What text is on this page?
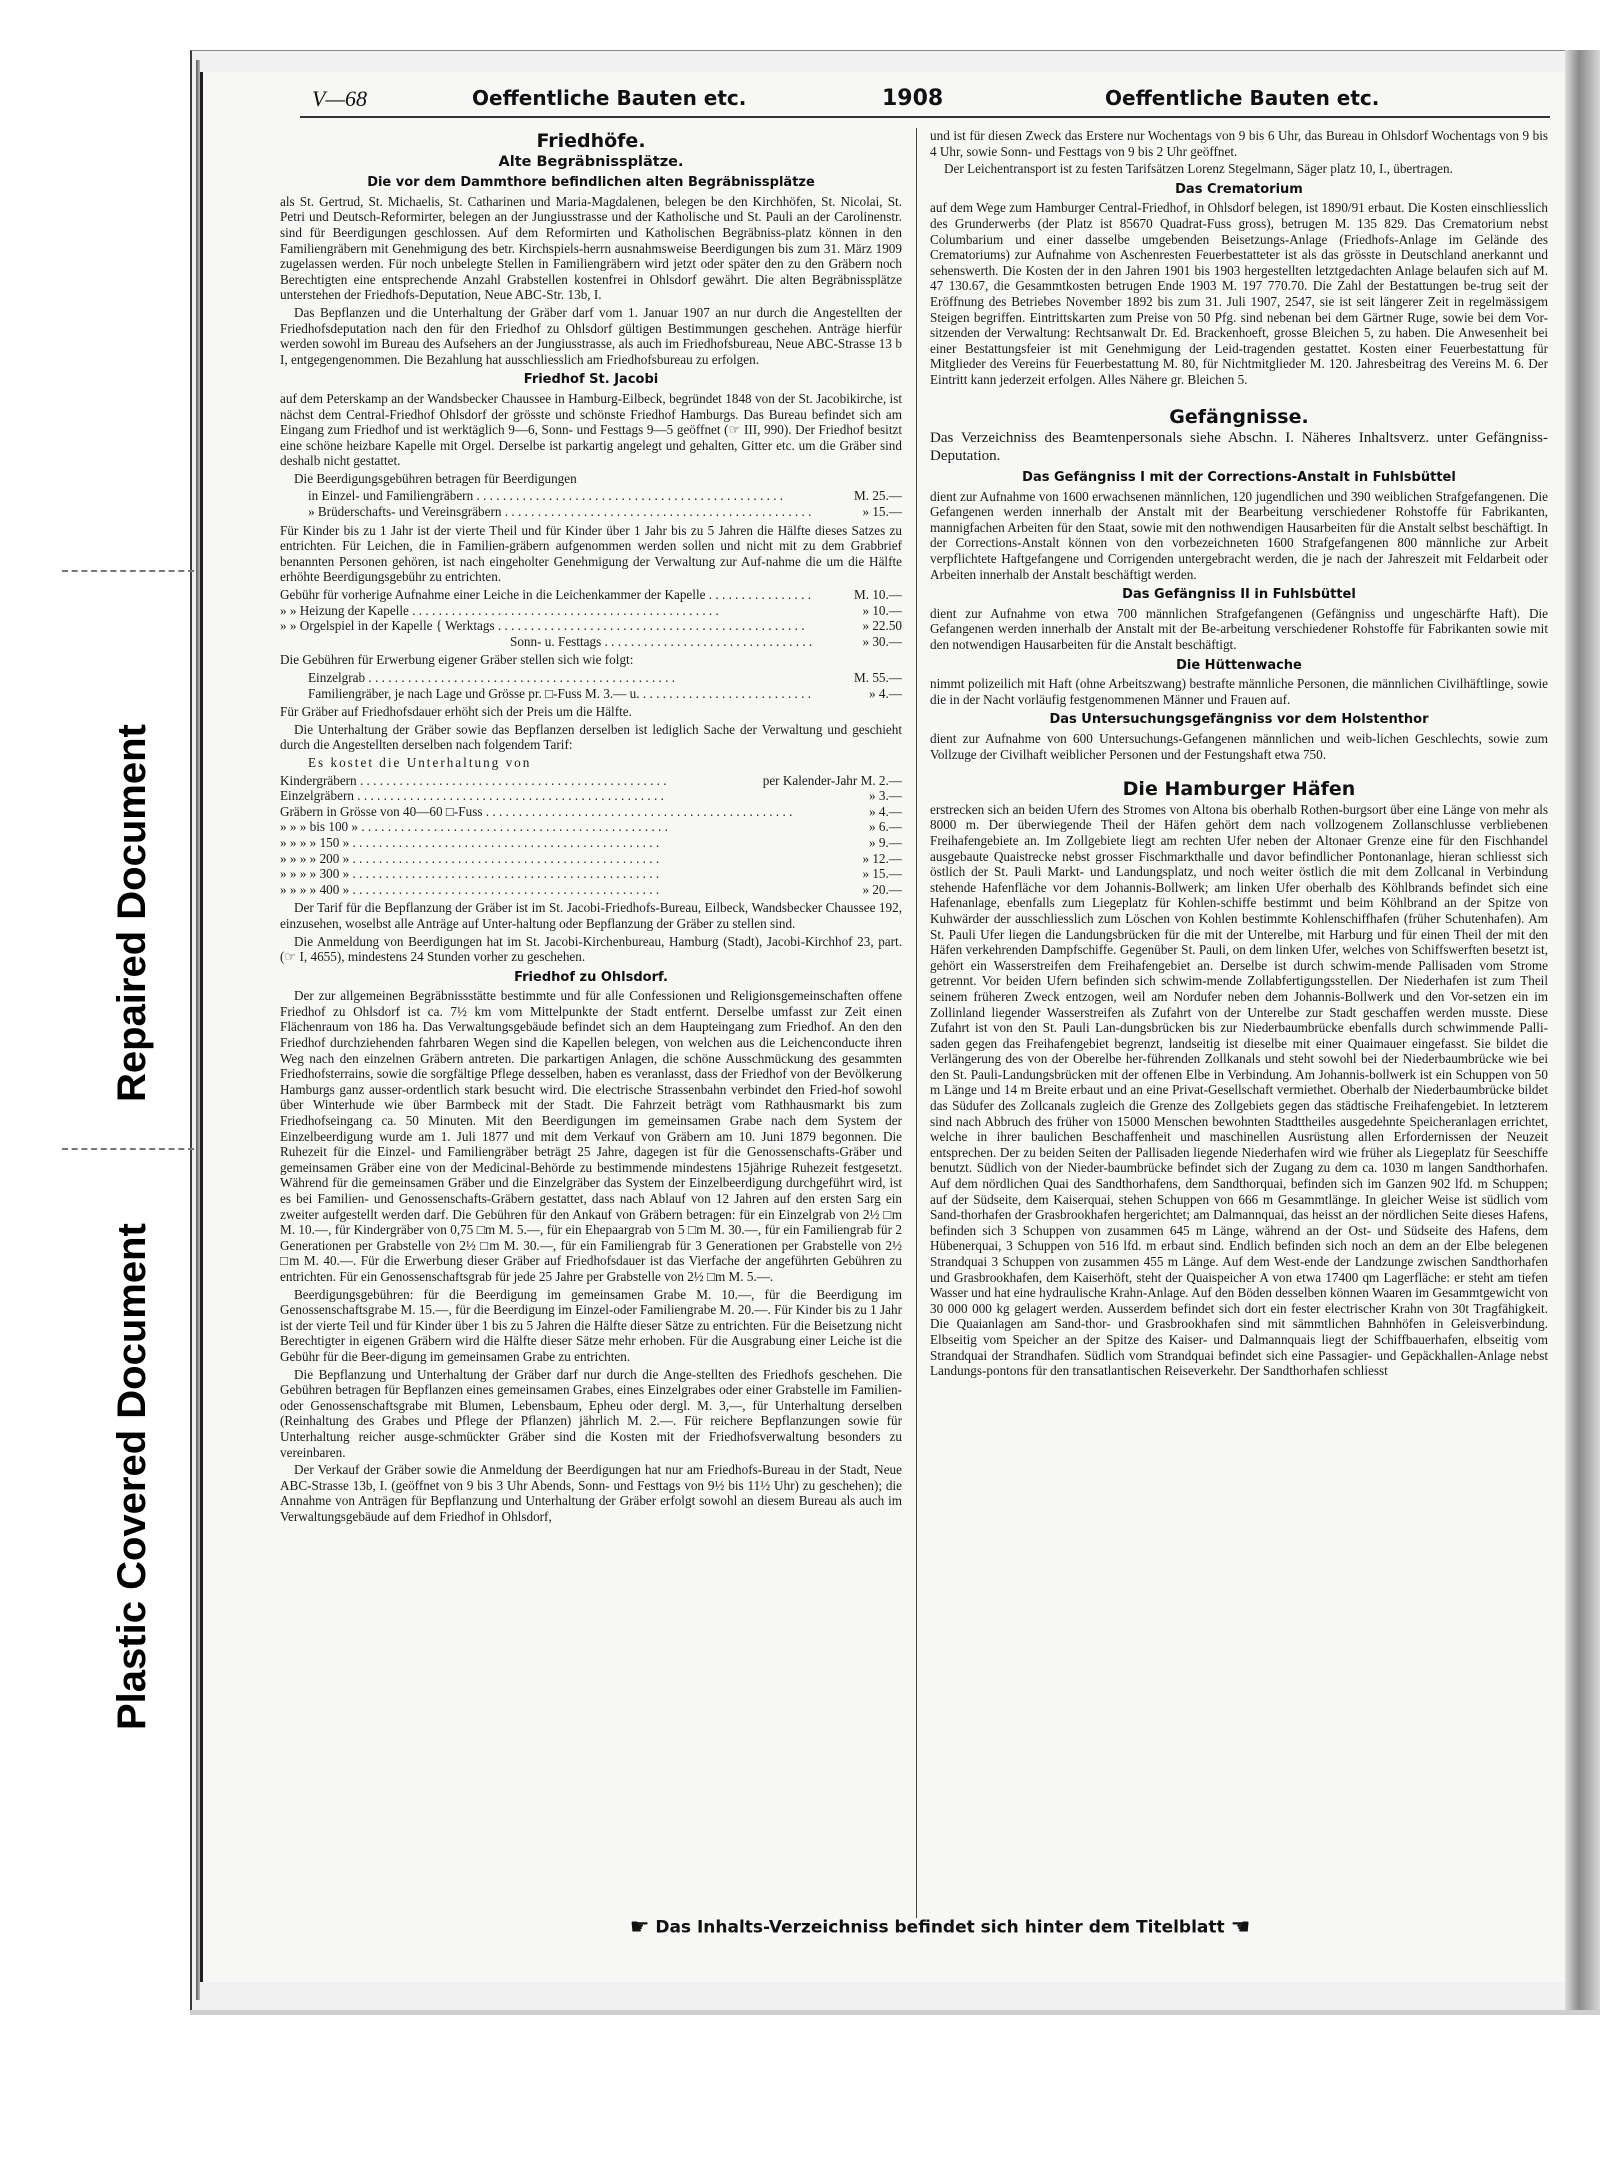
Repaired Document
Plastic Covered Document
V—68	Oeffentliche Bauten etc.	1908	Oeffentliche Bauten etc.
Friedhöfe.
Alte Begräbnissplätze.
Die vor dem Dammthore befindlichen alten Begräbnissplätze

als St. Gertrud, St. Michaelis, St. Catharinen und Maria-Magdalenen, belegen be den Kirchhöfen, St. Nicolai, St. Petri und Deutsch-Reformirter, belegen an der Jungiusstrasse und der Katholische und St. Pauli an der Carolinenstr. sind für Beerdigungen geschlossen. Auf dem Reformirten und Katholischen Begräbniss-platz können in den Familiengräbern mit Genehmigung des betr. Kirchspiels-herrn ausnahmsweise Beerdigungen bis zum 31. März 1909 zugelassen werden. Für noch unbelegte Stellen in Familiengräbern wird jetzt oder später den zu den Gräbern noch Berechtigten eine entsprechende Anzahl Grabstellen kostenfrei in Ohlsdorf gewährt. Die alten Begräbnissplätze unterstehen der Friedhofs-Deputation, Neue ABC-Str. 13b, I.

Das Bepflanzen und die Unterhaltung der Gräber darf vom 1. Januar 1907 an nur durch die Angestellten der Friedhofsdeputation nach den für den Friedhof zu Ohlsdorf gültigen Bestimmungen geschehen. Anträge hierfür werden sowohl im Bureau des Aufsehers an der Jungiusstrasse, als auch im Friedhofsbureau, Neue ABC-Strasse 13 b I, entgegengenommen. Die Bezahlung hat ausschliesslich am Friedhofsbureau zu erfolgen.

Friedhof St. Jacobi

auf dem Peterskamp an der Wandsbecker Chaussee in Hamburg-Eilbeck, begründet 1848 von der St. Jacobikirche, ist nächst dem Central-Friedhof Ohlsdorf der grösste und schönste Friedhof Hamburgs. Das Bureau befindet sich am Eingang zum Friedhof und ist werktäglich 9—6, Sonn- und Festtags 9—5 geöffnet (☞ III, 990). Der Friedhof besitzt eine schöne heizbare Kapelle mit Orgel. Derselbe ist parkartig angelegt und gehalten, Gitter etc. um die Gräber sind deshalb nicht gestattet.

Die Beerdigungsgebühren betragen für Beerdigungen

in Einzel- und Familiengräbern . . .	M. 25.—
» Brüderschafts- und Vereinsgräbern . . .	» 15.—

Für Kinder bis zu 1 Jahr ist der vierte Theil und für Kinder über 1 Jahr bis zu 5 Jahren die Hälfte dieses Satzes zu entrichten. Für Leichen, die in Familien-gräbern aufgenommen werden sollen und nicht mit zu dem Grabbrief benannten Personen gehören, ist nach eingeholter Genehmigung der Verwaltung zur Auf-nahme die um die Hälfte erhöhte Beerdigungsgebühr zu entrichten.

Gebühr für vorherige Aufnahme einer Leiche in die Leichenkammer der Kapelle . . .	M. 10.—
» » Heizung der Kapelle . . .	» 10.—
» » Orgelspiel in der Kapelle { Werktags . . .	» 22.50
Sonn- u. Festtags . . .	» 30.—

Die Gebühren für Erwerbung eigener Gräber stellen sich wie folgt:

Einzelgrab . . .	M. 55.—
Familiengräber, je nach Lage und Grösse pr. □-Fuss M. 3.— u. . . .	» 4.—

Für Gräber auf Friedhofsdauer erhöht sich der Preis um die Hälfte.

Die Unterhaltung der Gräber sowie das Bepflanzen derselben ist lediglich Sache der Verwaltung und geschieht durch die Angestellten derselben nach folgendem Tarif:

Es kostet die Unterhaltung von

Kindergräbern . . .	per Kalender-Jahr M. 2.—
Einzelgräbern . . .	» 3.—
Gräbern in Grösse von 40—60 □-Fuss . . .	» 4.—
» » » bis 100 » . . .	» 6.—
» » » » 150 » . . .	» 9.—
» » » » 200 » . . .	» 12.—
» » » » 300 » . . .	» 15.—
» » » » 400 » . . .	» 20.—

Der Tarif für die Bepflanzung der Gräber ist im St. Jacobi-Friedhofs-Bureau, Eilbeck, Wandsbecker Chaussee 192, einzusehen, woselbst alle Anträge auf Unter-haltung oder Bepflanzung der Gräber zu stellen sind.

Die Anmeldung von Beerdigungen hat im St. Jacobi-Kirchenbureau, Hamburg (Stadt), Jacobi-Kirchhof 23, part. (☞ I, 4655), mindestens 24 Stunden vorher zu geschehen.

Friedhof zu Ohlsdorf.

Der zur allgemeinen Begräbnissstätte bestimmte und für alle Confessionen und Religionsgemeinschaften offene Friedhof zu Ohlsdorf ist ca. 7½ km vom Mittelpunkte der Stadt entfernt. Derselbe umfasst zur Zeit einen Flächenraum von 186 ha. Das Verwaltungsgebäude befindet sich an dem Haupteingang zum Friedhof. An den den Friedhof durchziehenden fahrbaren Wegen sind die Kapellen belegen, von welchen aus die Leichenconducte ihren Weg nach den einzelnen Gräbern antreten. Die parkartigen Anlagen, die schöne Ausschmückung des gesammten Friedhofsterrains, sowie die sorgfältige Pflege desselben, haben es veranlasst, dass der Friedhof von der Bevölkerung Hamburgs ganz ausser-ordentlich stark besucht wird. Die electrische Strassenbahn verbindet den Fried-hof sowohl über Winterhude wie über Barmbeck mit der Stadt. Die Fahrzeit beträgt vom Rathhausmarkt bis zum Friedhofseingang ca. 50 Minuten. Mit den Beerdigungen im gemeinsamen Grabe nach dem System der Einzelbeerdigung wurde am 1. Juli 1877 und mit dem Verkauf von Gräbern am 10. Juni 1879 begonnen. Die Ruhezeit für die Einzel- und Familiengräber beträgt 25 Jahre, dagegen ist für die Genossenschafts-Gräber und gemeinsamen Gräber eine von der Medicinal-Behörde zu bestimmende mindestens 15jährige Ruhezeit festgesetzt. Während für die gemeinsamen Gräber und die Einzelgräber das System der Einzelbeerdigung durchgeführt wird, ist es bei Familien- und Genossenschafts-Gräbern gestattet, dass nach Ablauf von 12 Jahren auf den ersten Sarg ein zweiter aufgestellt werden darf. Die Gebühren für den Ankauf von Gräbern betragen: für ein Einzelgrab von 2½ □m M. 10.—, für Kindergräber von 0,75 □m M. 5.—, für ein Ehepaargrab von 5 □m M. 30.—, für ein Familiengrab für 2 Generationen per Grabstelle von 2½ □m M. 30.—, für ein Familiengrab für 3 Generationen per Grabstelle von 2½ □m M. 40.—. Für die Erwerbung dieser Gräber auf Friedhofsdauer ist das Vierfache der angeführten Gebühren zu entrichten. Für ein Genossenschaftsgrab für jede 25 Jahre per Grabstelle von 2½ □m M. 5.—.

Beerdigungsgebühren: für die Beerdigung im gemeinsamen Grabe M. 10.—, für die Beerdigung im Genossenschaftsgrabe M. 15.—, für die Beerdigung im Einzel-oder Familiengrabe M. 20.—. Für Kinder bis zu 1 Jahr ist der vierte Teil und für Kinder über 1 bis zu 5 Jahren die Hälfte dieser Sätze zu entrichten. Für die Beisetzung nicht Berechtigter in eigenen Gräbern wird die Hälfte dieser Sätze mehr erhoben. Für die Ausgrabung einer Leiche ist die Gebühr für die Beer-digung im gemeinsamen Grabe zu entrichten.

Die Bepflanzung und Unterhaltung der Gräber darf nur durch die Ange-stellten des Friedhofs geschehen. Die Gebühren betragen für Bepflanzen eines gemeinsamen Grabes, eines Einzelgrabes oder einer Grabstelle im Familien- oder Genossenschaftsgrabe mit Blumen, Lebensbaum, Epheu oder dergl. M. 3,—, für Unterhaltung derselben (Reinhaltung des Grabes und Pflege der Pflanzen) jährlich M. 2.—. Für reichere Bepflanzungen sowie für Unterhaltung reicher ausge-schmückter Gräber sind die Kosten mit der Friedhofsverwaltung besonders zu vereinbaren.

Der Verkauf der Gräber sowie die Anmeldung der Beerdigungen hat nur am Friedhofs-Bureau in der Stadt, Neue ABC-Strasse 13b, I. (geöffnet von 9 bis 3 Uhr Abends, Sonn- und Festtags von 9½ bis 11½ Uhr) zu geschehen); die Annahme von Anträgen für Bepflanzung und Unterhaltung der Gräber erfolgt sowohl an diesem Bureau als auch im Verwaltungsgebäude auf dem Friedhof in Ohlsdorf,

und ist für diesen Zweck das Erstere nur Wochentags von 9 bis 6 Uhr, das Bureau in Ohlsdorf Wochentags von 9 bis 4 Uhr, sowie Sonn- und Festtags von 9 bis 2 Uhr geöffnet.

Der Leichentransport ist zu festen Tarifsätzen Lorenz Stegelmann, Säger platz 10, I., übertragen.

Das Crematorium

auf dem Wege zum Hamburger Central-Friedhof, in Ohlsdorf belegen, ist 1890/91 erbaut. Die Kosten einschliesslich des Grunderwerbs (der Platz ist 85670 Quadrat-Fuss gross), betrugen M. 135 829. Das Crematorium nebst Columbarium und einer dasselbe umgebenden Beisetzungs-Anlage (Friedhofs-Anlage im Gelände des Crematoriums) zur Aufnahme von Aschenresten Feuerbestatteter ist als das grösste in Deutschland anerkannt und sehenswerth. Die Kosten der in den Jahren 1901 bis 1903 hergestellten letztgedachten Anlage belaufen sich auf M. 47 130.67, die Gesammtkosten betrugen Ende 1903 M. 197 770.70. Die Zahl der Bestattungen be-trug seit der Eröffnung des Betriebes November 1892 bis zum 31. Juli 1907, 2547, sie ist seit längerer Zeit in regelmässigem Steigen begriffen. Eintrittskarten zum Preise von 50 Pfg. sind nebenan bei dem Gärtner Ruge, sowie bei dem Vor-sitzenden der Verwaltung: Rechtsanwalt Dr. Ed. Brackenhoeft, grosse Bleichen 5, zu haben. Die Anwesenheit bei einer Bestattungsfeier ist mit Genehmigung der Leid-tragenden gestattet. Kosten einer Feuerbestattung für Mitglieder des Vereins für Feuerbestattung M. 80, für Nichtmitglieder M. 120. Jahresbeitrag des Vereins M. 6. Der Eintritt kann jederzeit erfolgen. Alles Nähere gr. Bleichen 5.

Gefängnisse.

Das Verzeichniss des Beamtenpersonals siehe Abschn. I. Näheres Inhaltsverz. unter Gefängniss-Deputation.

Das Gefängniss I mit der Corrections-Anstalt in Fuhlsbüttel

dient zur Aufnahme von 1600 erwachsenen männlichen, 120 jugendlichen und 390 weiblichen Strafgefangenen. Die Gefangenen werden innerhalb der Anstalt mit der Bearbeitung verschiedener Rohstoffe für Fabrikanten, mannigfachen Arbeiten für den Staat, sowie mit den nothwendigen Hausarbeiten für die Anstalt selbst beschäftigt. In der Corrections-Anstalt können von den vorbezeichneten 1600 Strafgefangenen 800 männliche zur Arbeit verpflichtete Haftgefangene und Corrigenden untergebracht werden, die je nach der Jahreszeit mit Feldarbeit oder Arbeiten innerhalb der Anstalt beschäftigt werden.

Das Gefängniss II in Fuhlsbüttel

dient zur Aufnahme von etwa 700 männlichen Strafgefangenen (Gefängniss und ungeschärfte Haft). Die Gefangenen werden innerhalb der Anstalt mit der Be-arbeitung verschiedener Rohstoffe für Fabrikanten sowie mit den notwendigen Hausarbeiten für die Anstalt beschäftigt.

Die Hüttenwache

nimmt polizeilich mit Haft (ohne Arbeitszwang) bestrafte männliche Personen, die männlichen Civilhäftlinge, sowie die in der Nacht vorläufig festgenommenen Männer und Frauen auf.

Das Untersuchungsgefängniss vor dem Holstenthor

dient zur Aufnahme von 600 Untersuchungs-Gefangenen männlichen und weib-lichen Geschlechts, sowie zum Vollzuge der Civilhaft weiblicher Personen und der Festungshaft etwa 750.

Die Hamburger Häfen

erstrecken sich an beiden Ufern des Stromes von Altona bis oberhalb Rothen-burgsort über eine Länge von mehr als 8000 m. Der überwiegende Theil der Häfen gehört dem nach vollzogenem Zollanschlusse verbliebenen Freihafengebiete an. Im Zollgebiete liegt am rechten Ufer neben der Altonaer Grenze eine für den Fischhandel ausgebaute Quaistrecke nebst grosser Fischmarkthalle und davor befindlicher Pontonanlage, hieran schliesst sich östlich der St. Pauli Markt- und Landungsplatz, und noch weiter östlich die mit dem Zollcanal in Verbindung stehende Hafenfläche vor dem Johannis-Bollwerk; am linken Ufer oberhalb des Köhlbrands befindet sich eine Hafenanlage, ebenfalls zum Liegeplatz für Kohlen-schiffe bestimmt und beim Köhlbrand an der Spitze von Kuhwärder der ausschliesslich zum Löschen von Kohlen bestimmte Kohlenschiffhafen (früher Schutenhafen). Am St. Pauli Ufer liegen die Landungsbrücken für die mit der Unterelbe, mit Harburg und für einen Theil der mit den Häfen verkehrenden Dampfschiffe. Gegenüber St. Pauli, on dem linken Ufer, welches von Schiffswerften besetzt ist, gehört ein Wasserstreifen dem Freihafengebiet an. Derselbe ist durch schwim-mende Pallisaden vom Strome getrennt. Vor beiden Ufern befinden sich schwim-mende Zollabfertigungsstellen. Der Niederhafen ist zum Theil seinem früheren Zweck entzogen, weil am Nordufer neben dem Johannis-Bollwerk und den Vor-setzen ein im Zollinland liegender Wasserstreifen als Zufahrt von der Unterelbe zur Stadt geschaffen werden musste. Diese Zufahrt ist von den St. Pauli Lan-dungsbrücken bis zur Niederbaumbrücke ebenfalls durch schwimmende Palli-saden gegen das Freihafengebiet begrenzt, landseitig ist dieselbe mit einer Quaimauer eingefasst. Sie bildet die Verlängerung des von der Oberelbe her-führenden Zollkanals und steht sowohl bei der Niederbaumbrücke wie bei den St. Pauli-Landungsbrücken mit der offenen Elbe in Verbindung. Am Johannis-bollwerk ist ein Schuppen von 50 m Länge und 14 m Breite erbaut und an eine Privat-Gesellschaft vermiethet. Oberhalb der Niederbaumbrücke bildet das Südufer des Zollcanals zugleich die Grenze des Zollgebiets gegen das städtische Freihafengebiet. In letzterem sind nach Abbruch des früher von 15000 Menschen bewohnten Stadttheiles ausgedehnte Speicheranlagen errichtet, welche in ihrer baulichen Beschaffenheit und maschinellen Ausrüstung allen Erfordernissen der Neuzeit entsprechen. Der zu beiden Seiten der Pallisaden liegende Niederhafen wird wie früher als Liegeplatz für Seeschiffe benutzt. Südlich von der Nieder-baumbrücke befindet sich der Zugang zu dem ca. 1030 m langen Sandthorhafen. Auf dem nördlichen Quai des Sandthorhafens, dem Sandthorquai, befinden sich im Ganzen 902 lfd. m Schuppen; auf der Südseite, dem Kaiserquai, stehen Schuppen von 666 m Gesammtlänge. In gleicher Weise ist südlich vom Sand-thorhafen der Grasbrookhafen hergerichtet; am Dalmannquai, das heisst an der nördlichen Seite dieses Hafens, befinden sich 3 Schuppen von zusammen 645 m Länge, während an der Ost- und Südseite des Hafens, dem Hübenerquai, 3 Schuppen von 516 lfd. m erbaut sind. Endlich befinden sich noch an dem an der Elbe belegenen Strandquai 3 Schuppen von zusammen 455 m Länge. Auf dem West-ende der Landzunge zwischen Sandthorhafen und Grasbrookhafen, dem Kaiserhöft, steht der Quaispeicher A von etwa 17400 qm Lagerfläche: er steht am tiefen Wasser und hat eine hydraulische Krahn-Anlage. Auf den Böden desselben können Waaren im Gesammtgewicht von 30 000 000 kg gelagert werden. Ausserdem befindet sich dort ein fester electrischer Krahn von 30t Tragfähigkeit. Die Quaianlagen am Sand-thor- und Grasbrookhafen sind mit sämmtlichen Bahnhöfen in Geleisverbindung. Elbseitig vom Speicher an der Spitze des Kaiser- und Dalmannquais liegt der Schiffbauerhafen, elbseitig vom Strandquai der Strandhafen. Südlich vom Strandquai befindet sich eine Passagier- und Gepäckhallen-Anlage nebst Landungs-pontons für den transatlantischen Reiseverkehr. Der Sandthorhafen schliesst

☛ Das Inhalts-Verzeichniss befindet sich hinter dem Titelblatt ☚
